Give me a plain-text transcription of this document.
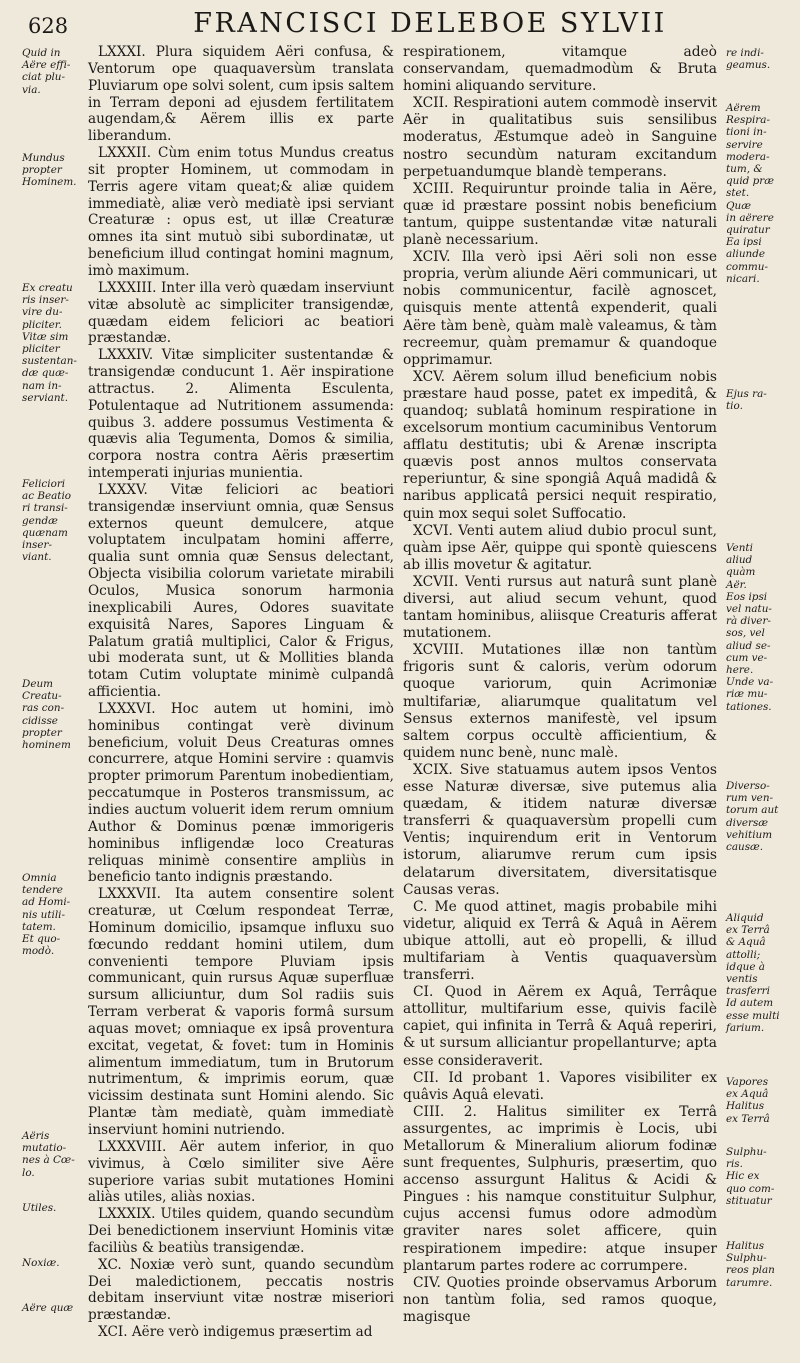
628	FRANCISCI DELEBOE SYLVII
Quid in
Aëre effi-
ciat plu-
via.
Mundus
propter
Hominem.
Ex creatu
ris inser-
vire du-
pliciter.
Vitæ sim
pliciter
sustentan-
dæ quæ-
nam in-
serviant.
Feliciori
ac Beatio
ri transi-
gendæ
quænam
inser-
viant.
Deum
Creatu-
ras con-
cidisse
propter
hominem
Omnia
tendere
ad Homi-
nis utili-
tatem.
Et quo-
modò.
Aëris
mutatio-
nes à Cœ-
lo.
Utiles.
Noxiæ.
Aëre quæ

LXXXI. Plura siquidem Aëri confusa, & Ventorum ope quaquaversùm translata Pluviarum ope solvi solent, cum ipsis saltem in Terram deponi ad ejusdem fertilitatem augendam,& Aërem illis ex parte liberandum.

LXXXII. Cùm enim totus Mundus creatus sit propter Hominem, ut commodam in Terris agere vitam queat;& aliæ quidem immediatè, aliæ verò mediatè ipsi serviant Creaturæ : opus est, ut illæ Creaturæ omnes ita sint mutuò sibi subordinatæ, ut beneficium illud contingat homini magnum, imò maximum.

LXXXIII. Inter illa verò quædam inserviunt vitæ absolutè ac simpliciter transigendæ, quædam eidem feliciori ac beatiori præstandæ.

LXXXIV. Vitæ simpliciter sustentandæ & transigendæ conducunt 1. Aër inspiratione attractus. 2. Alimenta Esculenta, Potulentaque ad Nutritionem assumenda: quibus 3. addere possumus Vestimenta & quævis alia Tegumenta, Domos & similia, corpora nostra contra Aëris præsertim intemperati injurias munientia.

LXXXV. Vitæ feliciori ac beatiori transigendæ inserviunt omnia, quæ Sensus externos queunt demulcere, atque voluptatem inculpatam homini afferre, qualia sunt omnia quæ Sensus delectant, Objecta visibilia colorum varietate mirabili Oculos, Musica sonorum harmonia inexplicabili Aures, Odores suavitate exquisitâ Nares, Sapores Linguam & Palatum gratiâ multiplici, Calor & Frigus, ubi moderata sunt, ut & Mollities blanda totam Cutim voluptate minimè culpandâ afficientia.

LXXXVI. Hoc autem ut homini, imò hominibus contingat verè divinum beneficium, voluit Deus Creaturas omnes concurrere, atque Homini servire : quamvis propter primorum Parentum inobedientiam, peccatumque in Posteros transmissum, ac indies auctum voluerit idem rerum omnium Author & Dominus pœnæ immorigeris hominibus infligendæ loco Creaturas reliquas minimè consentire ampliùs in beneficio tanto indignis præstando.

LXXXVII. Ita autem consentire solent creaturæ, ut Cœlum respondeat Terræ, Hominum domicilio, ipsamque influxu suo fœcundo reddant homini utilem, dum convenienti tempore Pluviam ipsis communicant, quin rursus Aquæ superfluæ sursum alliciuntur, dum Sol radiis suis Terram verberat & vaporis formâ sursum aquas movet; omniaque ex ipsâ proventura excitat, vegetat, & fovet: tum in Hominis alimentum immediatum, tum in Brutorum nutrimentum, & imprimis eorum, quæ vicissim destinata sunt Homini alendo. Sic Plantæ tàm mediatè, quàm immediatè inserviunt homini nutriendo.

LXXXVIII. Aër autem inferior, in quo vivimus, à Cœlo similiter sive Aëre superiore varias subit mutationes Homini aliàs utiles, aliàs noxias.

LXXXIX. Utiles quidem, quando secundùm Dei benedictionem inserviunt Hominis vitæ faciliùs & beatiùs transigendæ.

XC. Noxiæ verò sunt, quando secundùm Dei maledictionem, peccatis nostris debitam inserviunt vitæ nostræ miseriori præstandæ.

XCI. Aëre verò indigemus præsertim ad

respirationem, vitamque adeò conservandam, quemadmodùm & Bruta homini aliquando serviture.

XCII. Respirationi autem commodè inservit Aër in qualitatibus suis sensilibus moderatus, Æstumque adeò in Sanguine nostro secundùm naturam excitandum perpetuandumque blandè temperans.

XCIII. Requiruntur proinde talia in Aëre, quæ id præstare possint nobis beneficium tantum, quippe sustentandæ vitæ naturali planè necessarium.

XCIV. Illa verò ipsi Aëri soli non esse propria, verùm aliunde Aëri communicari, ut nobis communicentur, facilè agnoscet, quisquis mente attentâ expenderit, quali Aëre tàm benè, quàm malè valeamus, & tàm recreemur, quàm premamur & quandoque opprimamur.

XCV. Aërem solum illud beneficium nobis præstare haud posse, patet ex impeditâ, & quandoq; sublatâ hominum respiratione in excelsorum montium cacuminibus Ventorum afflatu destitutis; ubi & Arenæ inscripta quævis post annos multos conservata reperiuntur, & sine spongiâ Aquâ madidâ & naribus applicatâ persici nequit respiratio, quin mox sequi solet Suffocatio.

XCVI. Venti autem aliud dubio procul sunt, quàm ipse Aër, quippe qui spontè quiescens ab illis movetur & agitatur.

XCVII. Venti rursus aut naturâ sunt planè diversi, aut aliud secum vehunt, quod tantam hominibus, aliisque Creaturis afferat mutationem.

XCVIII. Mutationes illæ non tantùm frigoris sunt & caloris, verùm odorum quoque variorum, quin Acrimoniæ multifariæ, aliarumque qualitatum vel Sensus externos manifestè, vel ipsum saltem corpus occultè afficientium, & quidem nunc benè, nunc malè.

XCIX. Sive statuamus autem ipsos Ventos esse Naturæ diversæ, sive putemus alia quædam, & itidem naturæ diversæ transferri & quaquaversùm propelli cum Ventis; inquirendum erit in Ventorum istorum, aliarumve rerum cum ipsis delatarum diversitatem, diversitatisque Causas veras.

C. Me quod attinet, magis probabile mihi videtur, aliquid ex Terrâ & Aquâ in Aërem ubique attolli, aut eò propelli, & illud multifariam à Ventis quaquaversùm transferri.

CI. Quod in Aërem ex Aquâ, Terrâque attollitur, multifarium esse, quivis facilè capiet, qui infinita in Terrâ & Aquâ reperiri, & ut sursum alliciantur propellanturve; apta esse consideraverit.

CII. Id probant 1. Vapores visibiliter ex quâvis Aquâ elevati.

CIII. 2. Halitus similiter ex Terrâ assurgentes, ac imprimis è Locis, ubi Metallorum & Mineralium aliorum fodinæ sunt frequentes, Sulphuris, præsertim, quo accenso assurgunt Halitus & Acidi & Pingues : his namque constituitur Sulphur, cujus accensi fumus odore admodùm graviter nares solet afficere, quin respirationem impedire: atque insuper plantarum partes rodere ac corrumpere.

CIV. Quoties proinde observamus Arborum non tantùm folia, sed ramos quoque, magisque

re indi-
geamus.
Aërem
Respira-
tioni in-
servire
modera-
tum, &
quid præ
stet.
Quæ
in aërere
quiratur
Ea ipsi
aliunde
commu-
nicari.
Ejus ra-
tio.
Venti
aliud
quàm
Aër.
Eos ipsi
vel natu-
rà diver-
sos, vel
aliud se-
cum ve-
here.
Unde va-
riæ mu-
tationes.
Diverso-
rum ven-
torum aut
diversæ
vehitium
causæ.
Aliquid
ex Terrâ
& Aquâ
attolli;
idque à
ventis
trasferri
Id autem
esse multi
farium.
Vapores
ex Aquâ
Halitus
ex Terrâ
Sulphu-
ris.
Hic ex
quo com-
stituatur
Halitus
Sulphu-
reos plan
tarumre.
